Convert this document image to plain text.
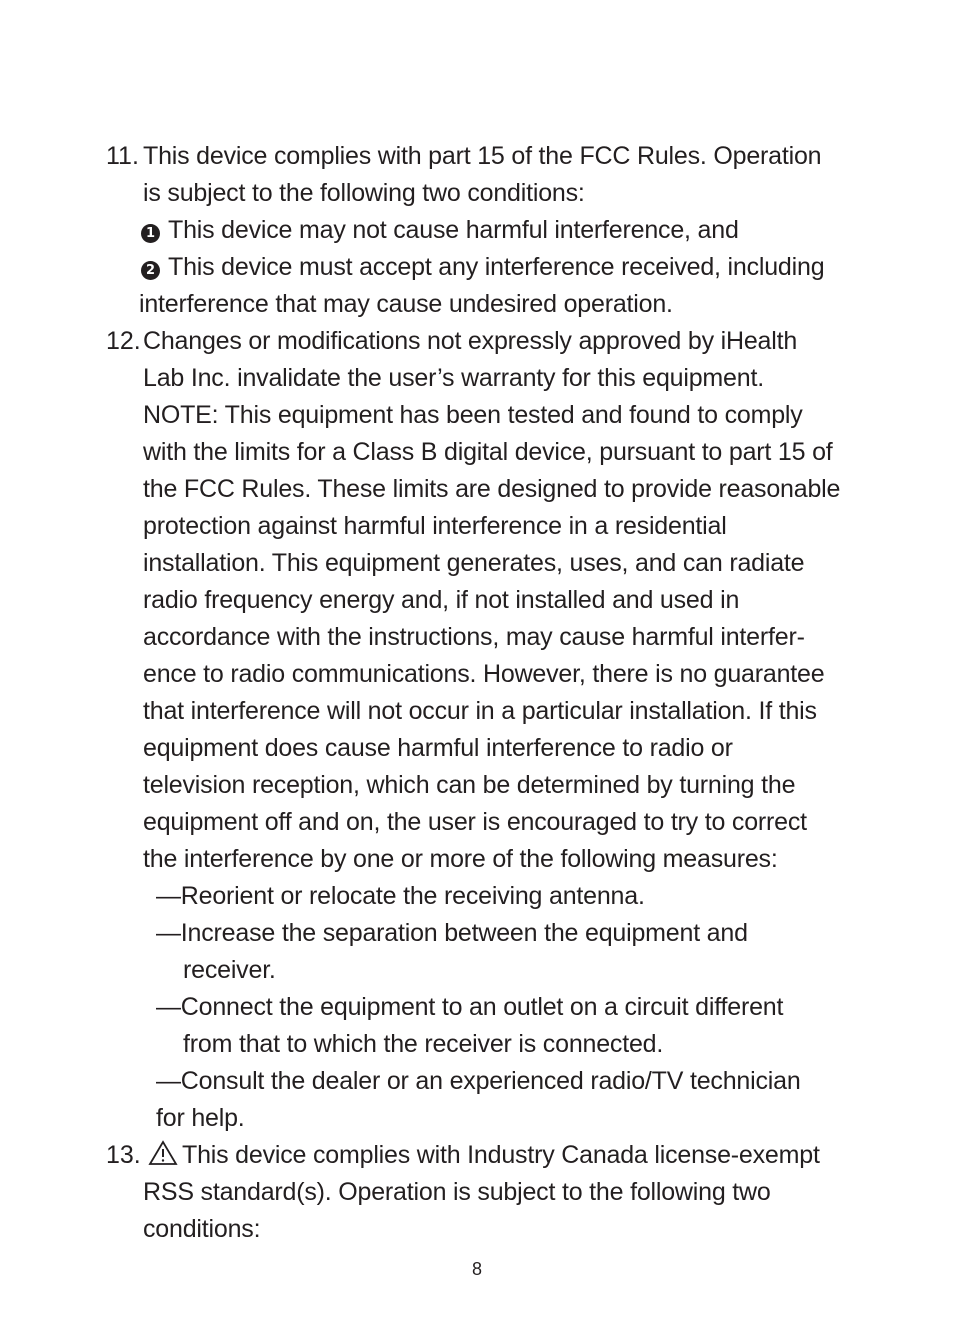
11. This device complies with part 15 of the FCC Rules. Operation
is subject to the following two conditions:
1 This device may not cause harmful interference, and
2 This device must accept any interference received, including
interference that may cause undesired operation.
12. Changes or modifications not expressly approved by iHealth
Lab Inc. invalidate the user’s warranty for this equipment.
NOTE: This equipment has been tested and found to comply
with the limits for a Class B digital device, pursuant to part 15 of
the FCC Rules. These limits are designed to provide reasonable
protection against harmful interference in a residential
installation. This equipment generates, uses, and can radiate
radio frequency energy and, if not installed and used in
accordance with the instructions, may cause harmful interfer-
ence to radio communications. However, there is no guarantee
that interference will not occur in a particular installation. If this
equipment does cause harmful interference to radio or
television reception, which can be determined by turning the
equipment off and on, the user is encouraged to try to correct
the interference by one or more of the following measures:
—Reorient or relocate the receiving antenna.
—Increase the separation between the equipment and
receiver.
—Connect the equipment to an outlet on a circuit different
from that to which the receiver is connected.
—Consult the dealer or an experienced radio/TV technician
for help.
13.	This device complies with Industry Canada license-exempt
RSS standard(s). Operation is subject to the following two
conditions:
8
